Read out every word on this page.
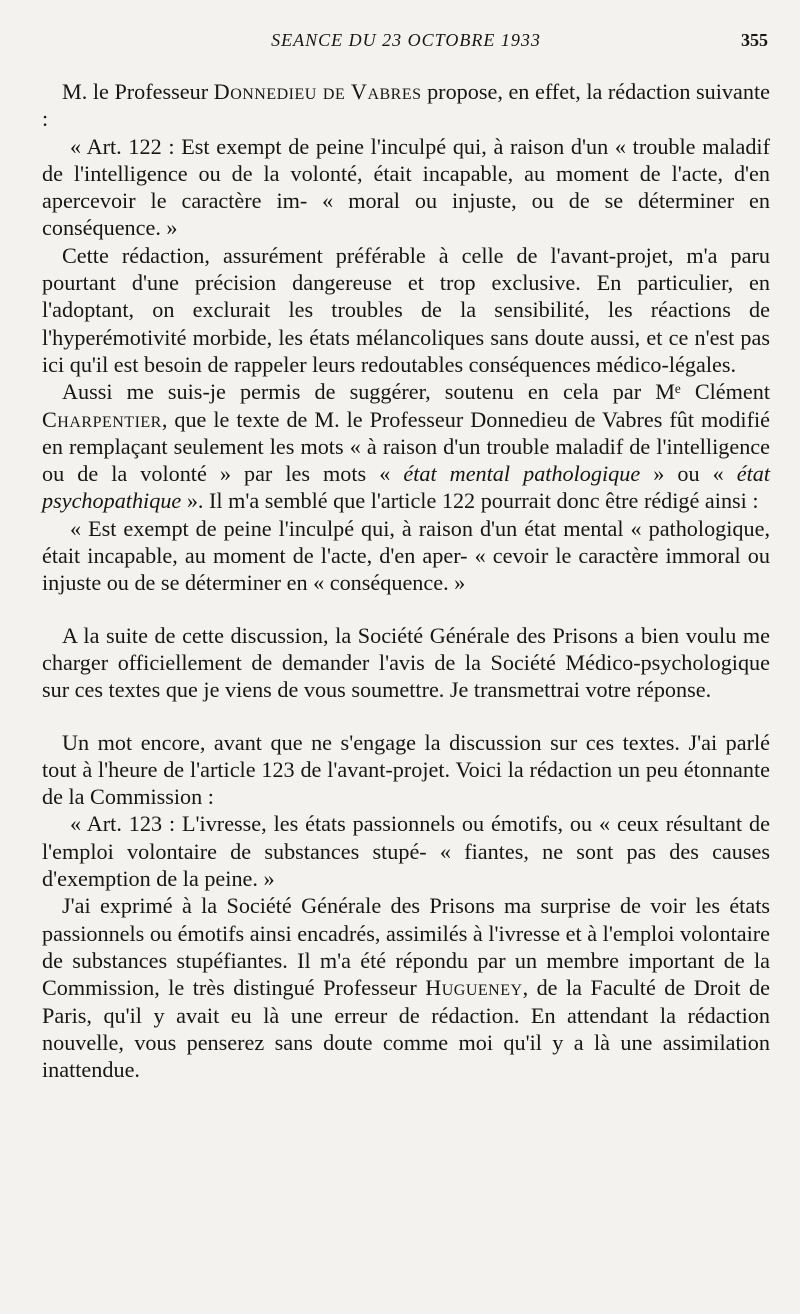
SEANCE DU 23 OCTOBRE 1933	355

M. le Professeur Donnedieu de Vabres propose, en effet, la rédaction suivante :

« Art. 122 : Est exempt de peine l'inculpé qui, à raison d'un « trouble maladif de l'intelligence ou de la volonté, était incapable, au moment de l'acte, d'en apercevoir le caractère im- « moral ou injuste, ou de se déterminer en conséquence. »

Cette rédaction, assurément préférable à celle de l'avant-projet, m'a paru pourtant d'une précision dangereuse et trop exclusive. En particulier, en l'adoptant, on exclurait les troubles de la sensibilité, les réactions de l'hyperémotivité morbide, les états mélancoliques sans doute aussi, et ce n'est pas ici qu'il est besoin de rappeler leurs redoutables conséquences médico-légales.

Aussi me suis-je permis de suggérer, soutenu en cela par Mᵉ Clément Charpentier, que le texte de M. le Professeur Donnedieu de Vabres fût modifié en remplaçant seulement les mots « à raison d'un trouble maladif de l'intelligence ou de la volonté » par les mots « état mental pathologique » ou « état psychopathique ». Il m'a semblé que l'article 122 pourrait donc être rédigé ainsi :

« Est exempt de peine l'inculpé qui, à raison d'un état mental « pathologique, était incapable, au moment de l'acte, d'en aper- « cevoir le caractère immoral ou injuste ou de se déterminer en « conséquence. »

A la suite de cette discussion, la Société Générale des Prisons a bien voulu me charger officiellement de demander l'avis de la Société Médico-psychologique sur ces textes que je viens de vous soumettre. Je transmettrai votre réponse.

Un mot encore, avant que ne s'engage la discussion sur ces textes. J'ai parlé tout à l'heure de l'article 123 de l'avant-projet. Voici la rédaction un peu étonnante de la Commission :

« Art. 123 : L'ivresse, les états passionnels ou émotifs, ou « ceux résultant de l'emploi volontaire de substances stupé- « fiantes, ne sont pas des causes d'exemption de la peine. »

J'ai exprimé à la Société Générale des Prisons ma surprise de voir les états passionnels ou émotifs ainsi encadrés, assimilés à l'ivresse et à l'emploi volontaire de substances stupéfiantes. Il m'a été répondu par un membre important de la Commission, le très distingué Professeur Hugueney, de la Faculté de Droit de Paris, qu'il y avait eu là une erreur de rédaction. En attendant la rédaction nouvelle, vous penserez sans doute comme moi qu'il y a là une assimilation inattendue.
